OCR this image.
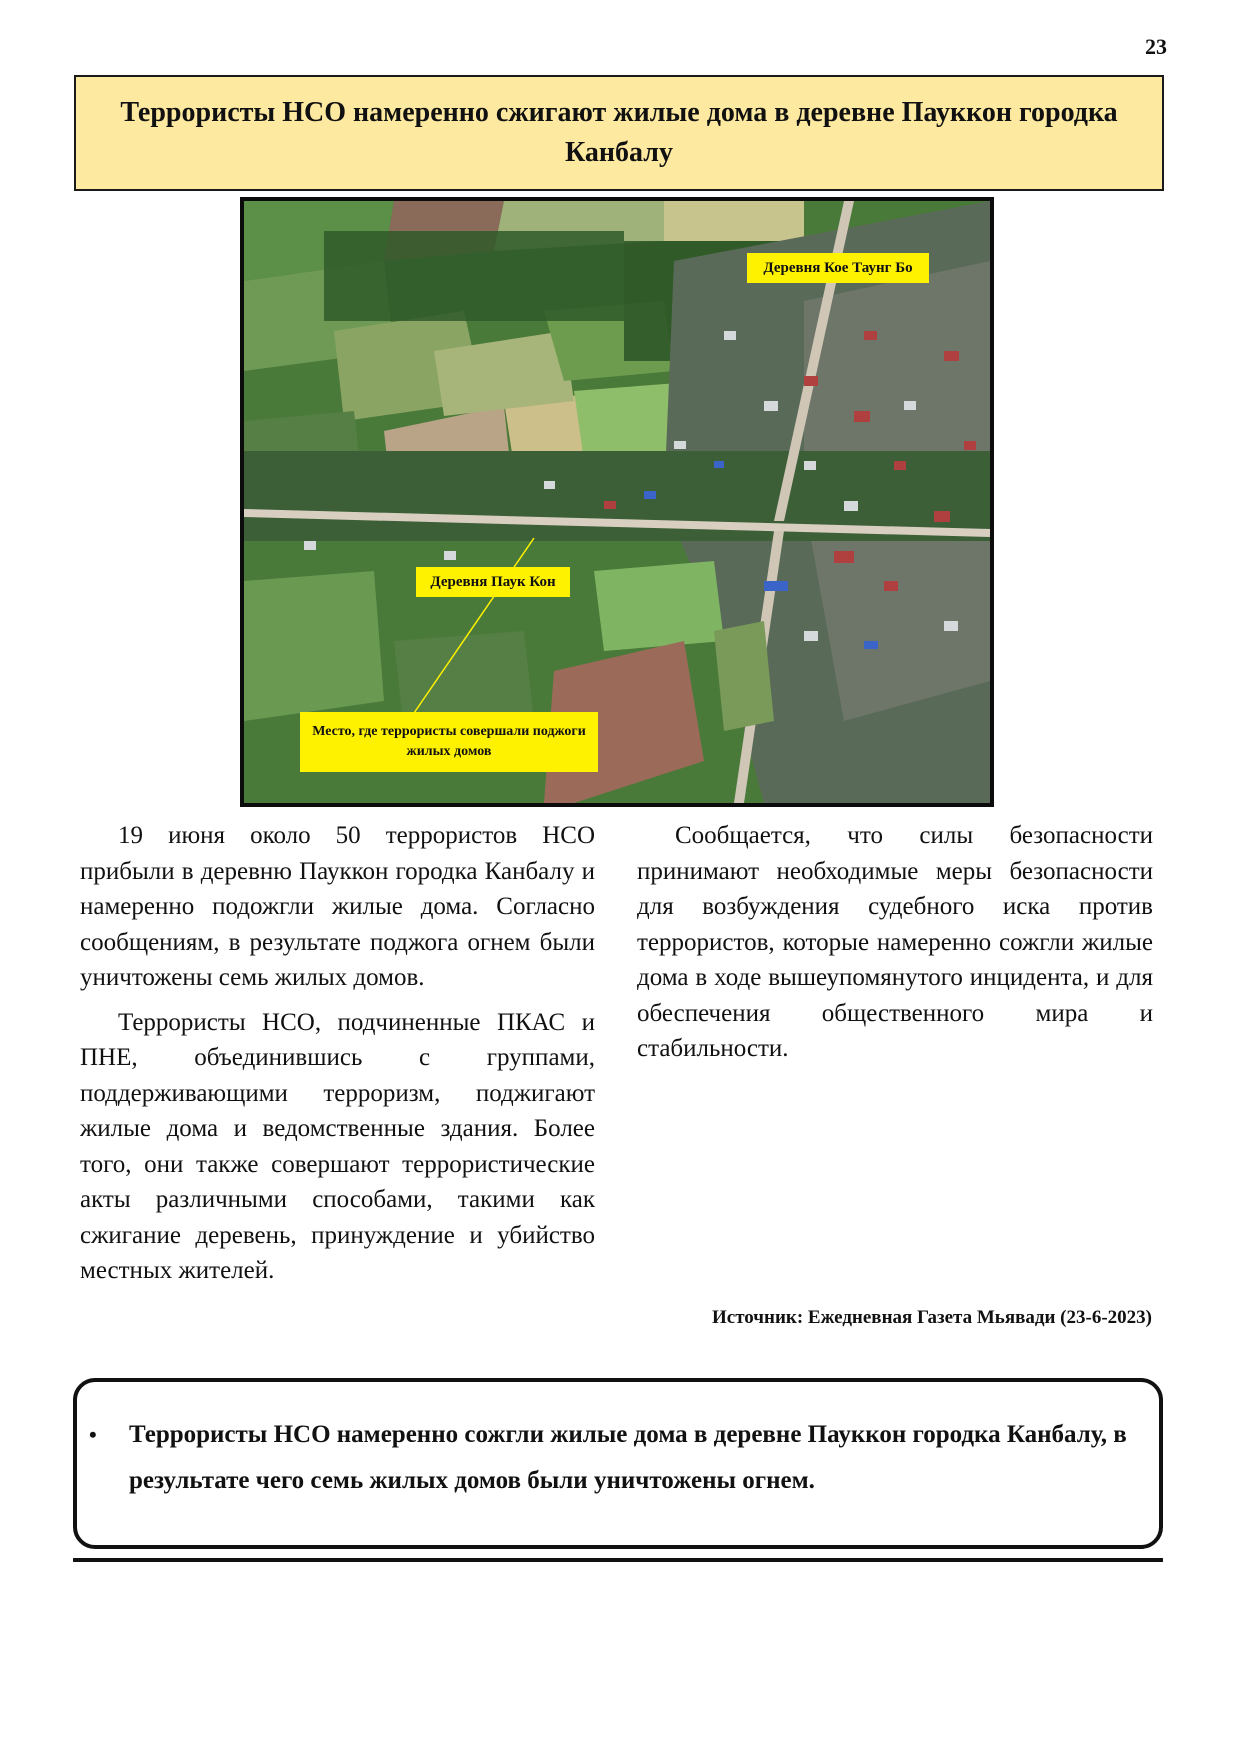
23
Террористы НСО намеренно сжигают жилые дома в деревне Пауккон городка Канбалу
Деревня Кое Таунг Бо
Деревня Паук Кон
Место, где террористы совершали поджоги жилых домов

19 июня около 50 террористов НСО прибыли в деревню Пауккон городка Канбалу и намеренно подожгли жилые дома. Согласно сообщениям, в результате поджога огнем были уничтожены семь жилых домов.

Террористы НСО, подчиненные ПКАС и ПНЕ, объединившись с группами, поддерживающими терроризм, поджигают жилые дома и ведомственные здания. Более того, они также совершают террористические акты различными способами, такими как сжигание деревень, принуждение и убийство местных жителей.

Сообщается, что силы безопасности принимают необходимые меры безопасности для возбуждения судебного иска против террористов, которые намеренно сожгли жилые дома в ходе вышеупомянутого инцидента, и для обеспечения общественного мира и стабильности.

Источник: Ежедневная Газета Мьявади (23-6-2023)

• Террористы НСО намеренно сожгли жилые дома в деревне Пауккон городка Канбалу, в результате чего семь жилых домов были уничтожены огнем.
